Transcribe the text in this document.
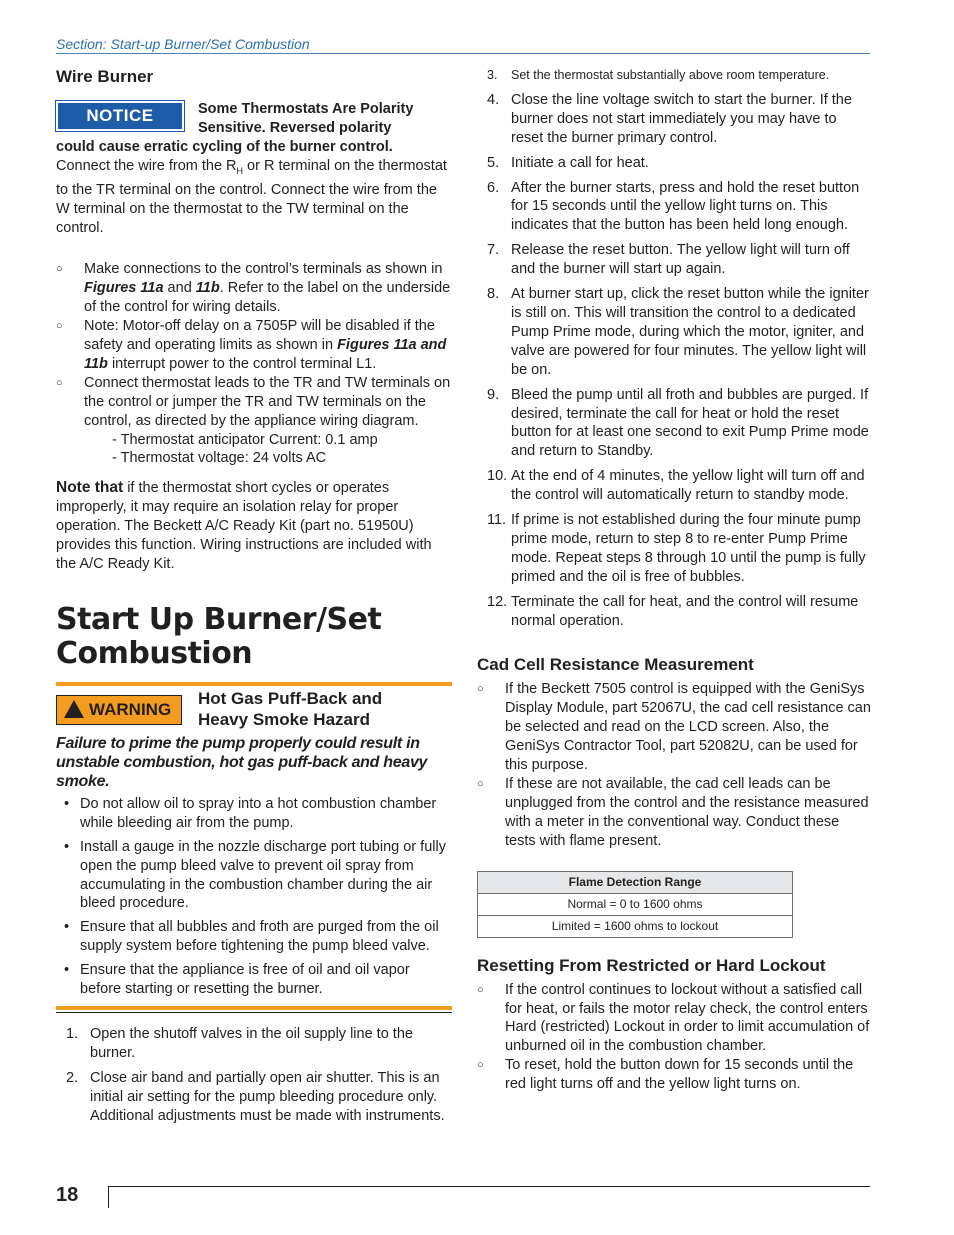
Section: Start-up Burner/Set Combustion
Wire Burner
NOTICE	Some Thermostats Are Polarity
Sensitive. Reversed polarity
could cause erratic cycling of the burner control.

Connect the wire from the $R_H$ or R terminal on the thermostat to the TR terminal on the control. Connect the wire from the W terminal on the thermostat to the TW terminal on the control.

○ Make connections to the control’s terminals as shown in Figures 11a and 11b. Refer to the label on the underside of the control for wiring details.
○ Note: Motor-off delay on a 7505P will be disabled if the safety and operating limits as shown in Figures 11a and 11b interrupt power to the control terminal L1.
○ Connect thermostat leads to the TR and TW terminals on the control or jumper the TR and TW terminals on the control, as directed by the appliance wiring diagram.
- Thermostat anticipator Current: 0.1 amp
- Thermostat voltage: 24 volts AC

Note that if the thermostat short cycles or operates improperly, it may require an isolation relay for proper operation. The Beckett A/C Ready Kit (part no. 51950U) provides this function. Wiring instructions are included with the A/C Ready Kit.

Start Up Burner/Set
Combustion
WARNING
Hot Gas Puff-Back and
Heavy Smoke Hazard

Failure to prime the pump properly could result in unstable combustion, hot gas puff-back and heavy smoke.

• Do not allow oil to spray into a hot combustion chamber while bleeding air from the pump.
• Install a gauge in the nozzle discharge port tubing or fully open the pump bleed valve to prevent oil spray from accumulating in the combustion chamber during the air bleed procedure.
• Ensure that all bubbles and froth are purged from the oil supply system before tightening the pump bleed valve.
• Ensure that the appliance is free of oil and oil vapor before starting or resetting the burner.
1. Open the shutoff valves in the oil supply line to the burner.
2. Close air band and partially open air shutter. This is an initial air setting for the pump bleeding procedure only. Additional adjustments must be made with instruments.
3. Set the thermostat substantially above room temperature.
4. Close the line voltage switch to start the burner. If the burner does not start immediately you may have to reset the burner primary control.
5. Initiate a call for heat.
6. After the burner starts, press and hold the reset button for 15 seconds until the yellow light turns on. This indicates that the button has been held long enough.
7. Release the reset button. The yellow light will turn off and the burner will start up again.
8. At burner start up, click the reset button while the igniter is still on. This will transition the control to a dedicated Pump Prime mode, during which the motor, igniter, and valve are powered for four minutes. The yellow light will be on.
9. Bleed the pump until all froth and bubbles are purged. If desired, terminate the call for heat or hold the reset button for at least one second to exit Pump Prime mode and return to Standby.
10. At the end of 4 minutes, the yellow light will turn off and the control will automatically return to standby mode.
11. If prime is not established during the four minute pump prime mode, return to step 8 to re-enter Pump Prime mode. Repeat steps 8 through 10 until the pump is fully primed and the oil is free of bubbles.
12. Terminate the call for heat, and the control will resume normal operation.
Cad Cell Resistance Measurement
○ If the Beckett 7505 control is equipped with the GeniSys Display Module, part 52067U, the cad cell resistance can be selected and read on the LCD screen. Also, the GeniSys Contractor Tool, part 52082U, can be used for this purpose.
○ If these are not available, the cad cell leads can be unplugged from the control and the resistance measured with a meter in the conventional way. Conduct these tests with flame present.
Flame Detection Range
Normal = 0 to 1600 ohms
Limited = 1600 ohms to lockout
Resetting From Restricted or Hard Lockout
○ If the control continues to lockout without a satisfied call for heat, or fails the motor relay check, the control enters Hard (restricted) Lockout in order to limit accumulation of unburned oil in the combustion chamber.
○ To reset, hold the button down for 15 seconds until the red light turns off and the yellow light turns on.
18
